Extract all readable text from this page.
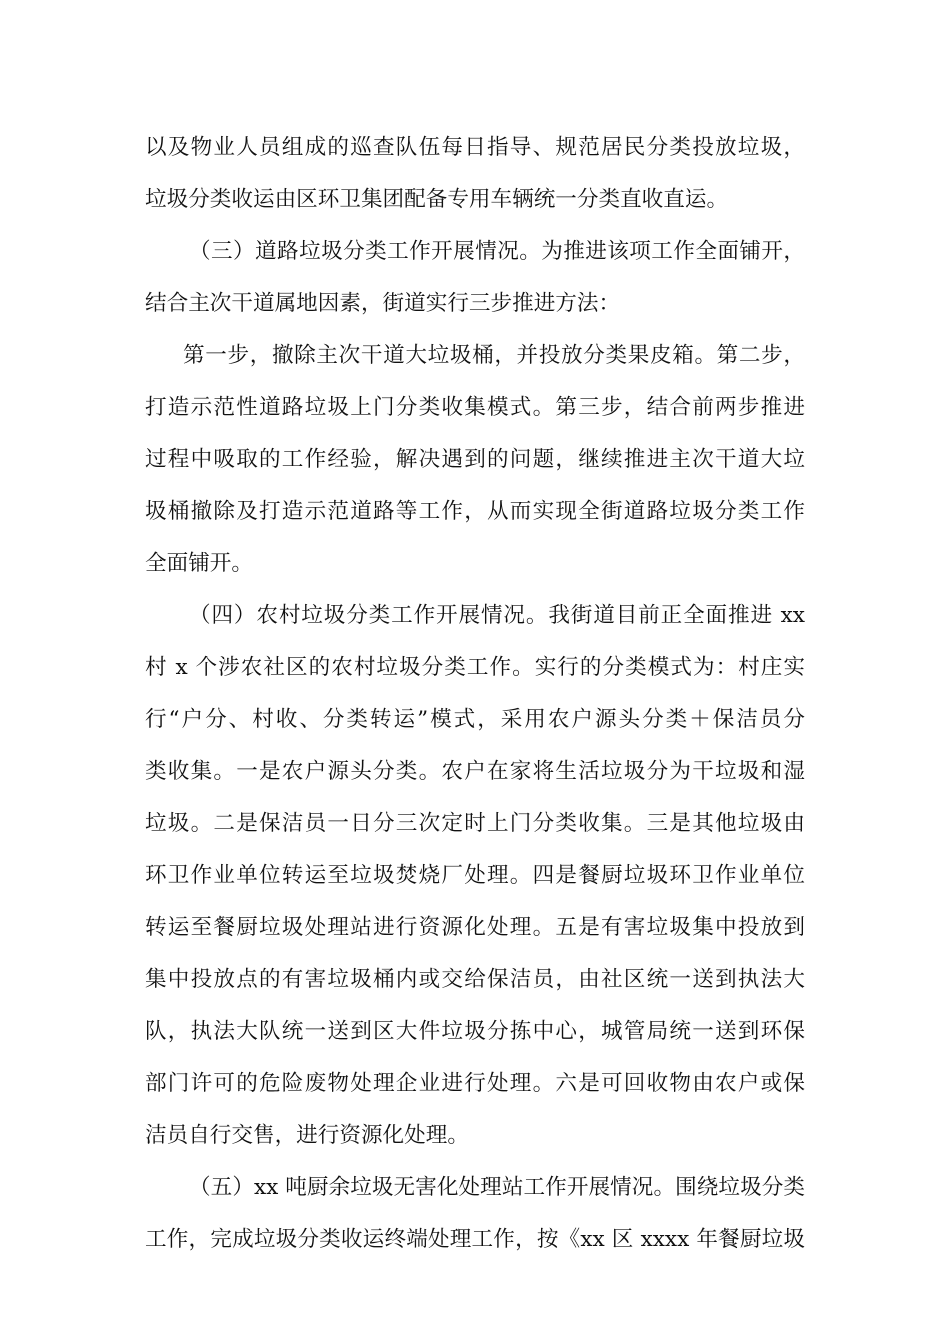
以及物业人员组成的巡查队伍每日指导、规范居民分类投放垃圾，
垃圾分类收运由区环卫集团配备专用车辆统一分类直收直运。
（三）道路垃圾分类工作开展情况。为推进该项工作全面铺开，
结合主次干道属地因素，街道实行三步推进方法：
第一步，撤除主次干道大垃圾桶，并投放分类果皮箱。第二步，
打造示范性道路垃圾上门分类收集模式。第三步，结合前两步推进
过程中吸取的工作经验，解决遇到的问题，继续推进主次干道大垃
圾桶撤除及打造示范道路等工作，从而实现全街道路垃圾分类工作
全面铺开。
（四）农村垃圾分类工作开展情况。我街道目前正全面推进 xx
村 x 个涉农社区的农村垃圾分类工作。实行的分类模式为：村庄实
行“户分、村收、分类转运”模式，采用农户源头分类＋保洁员分
类收集。一是农户源头分类。农户在家将生活垃圾分为干垃圾和湿
垃圾。二是保洁员一日分三次定时上门分类收集。三是其他垃圾由
环卫作业单位转运至垃圾焚烧厂处理。四是餐厨垃圾环卫作业单位
转运至餐厨垃圾处理站进行资源化处理。五是有害垃圾集中投放到
集中投放点的有害垃圾桶内或交给保洁员，由社区统一送到执法大
队，执法大队统一送到区大件垃圾分拣中心，城管局统一送到环保
部门许可的危险废物处理企业进行处理。六是可回收物由农户或保
洁员自行交售，进行资源化处理。
（五）xx 吨厨余垃圾无害化处理站工作开展情况。围绕垃圾分类
工作，完成垃圾分类收运终端处理工作，按《xx 区 xxxx 年餐厨垃圾
